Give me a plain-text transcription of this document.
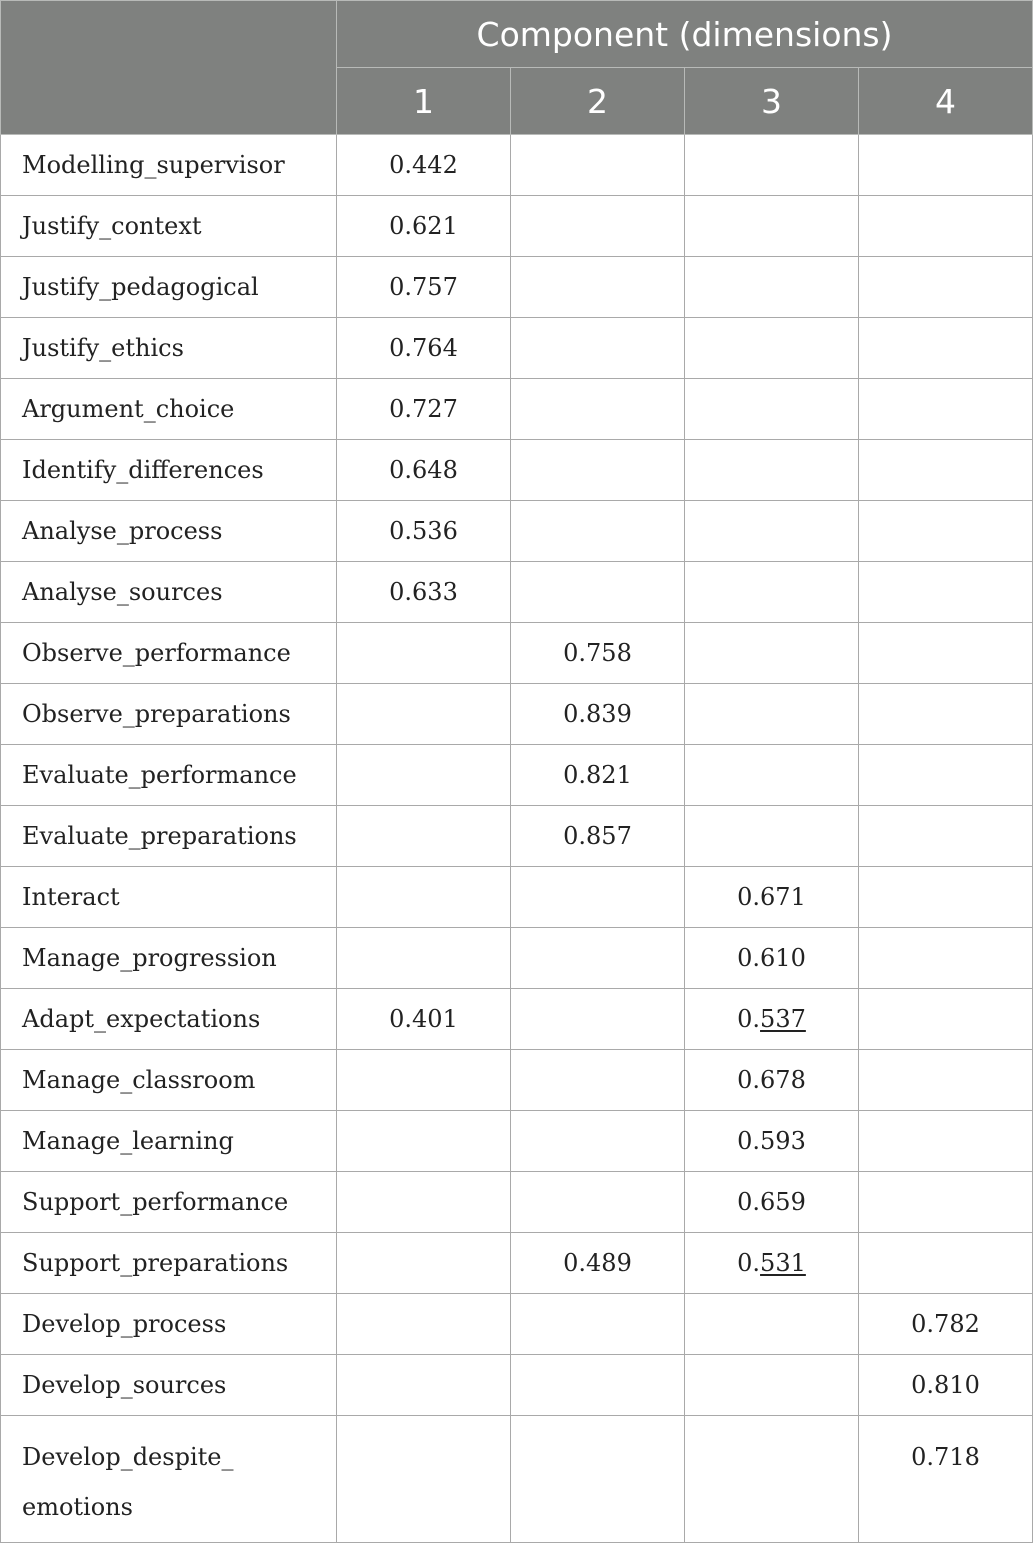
	Component (dimensions)			
	1	2	3	4
Modelling_supervisor	0.442			
Justify_context	0.621			
Justify_pedagogical	0.757			
Justify_ethics	0.764			
Argument_choice	0.727			
Identify_differences	0.648			
Analyse_process	0.536			
Analyse_sources	0.633			
Observe_performance		0.758		
Observe_preparations		0.839		
Evaluate_performance		0.821		
Evaluate_preparations		0.857		
Interact			0.671	
Manage_progression			0.610	
Adapt_expectations	0.401		0.537	
Manage_classroom			0.678	
Manage_learning			0.593	
Support_performance			0.659	
Support_preparations		0.489	0.531	
Develop_process				0.782
Develop_sources				0.810
Develop_despite_
emotions				0.718
